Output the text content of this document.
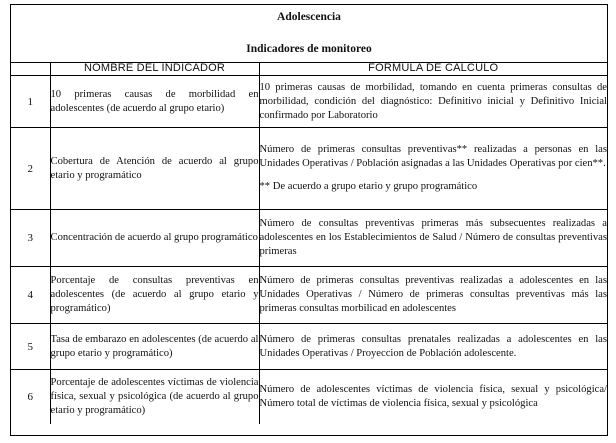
Adolescencia
Indicadores de monitoreo
	NOMBRE DEL INDICADOR	FORMULA DE CALCULO
1	10 primeras causas de morbilidad en adolescentes (de acuerdo al grupo etario)	10 primeras causas de morbilidad, tomando en cuenta primeras consultas de morbilidad, condición del diagnóstico: Definitivo inicial y Definitivo Inicial confirmado por Laboratorio

2	Cobertura de Atención de acuerdo al grupo etario y programático	Número de primeras consultas preventivas** realizadas a personas en las Unidades Operativas / Población asignadas a las Unidades Operativas por cien**.
** De acuerdo a grupo etario y grupo programático

3	Concentración de acuerdo al grupo programático	Número de consultas preventivas primeras más subsecuentes realizadas a adolescentes en los Establecimientos de Salud / Número de consultas preventivas primeras

4	Porcentaje de consultas preventivas en adolescentes (de acuerdo al grupo etario y programático)	Número de primeras consultas preventivas realizadas a adolescentes en las Unidades Operativas / Número de primeras consultas preventivas más las primeras consultas morbilicad en adolescentes

5	Tasa de embarazo en adolescentes (de acuerdo al grupo etario y programático)	Número de primeras consultas prenatales realizadas a adolescentes en las Unidades Operativas / Proyeccion de Población adolescente.

6	Porcentaje de adolescentes víctimas de violencia física, sexual y psicológica (de acuerdo al grupo etario y programático)	Número de adolescentes víctimas de violencia física, sexual y psicológica/ Número total de víctimas de violencia física, sexual y psicológica
